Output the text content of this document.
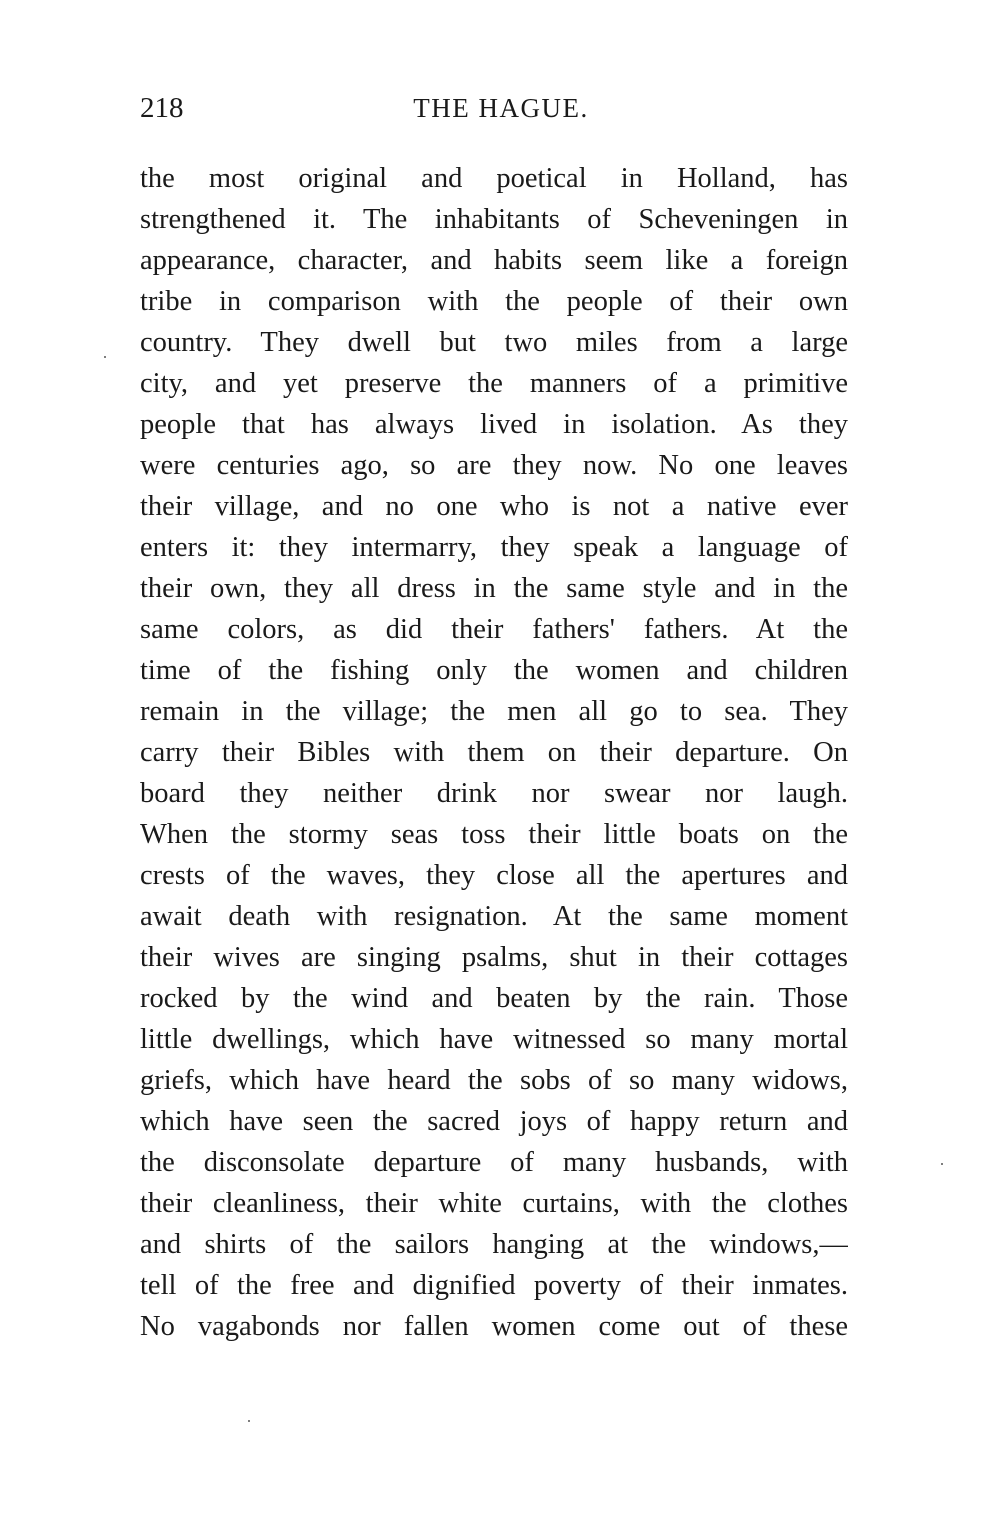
218	THE HAGUE.
the most original and poetical in Holland, has
strengthened it. The inhabitants of Scheveningen in
appearance, character, and habits seem like a foreign
tribe in comparison with the people of their own
country. They dwell but two miles from a large
city, and yet preserve the manners of a primitive
people that has always lived in isolation. As they
were centuries ago, so are they now. No one leaves
their village, and no one who is not a native ever
enters it: they intermarry, they speak a language of
their own, they all dress in the same style and in the
same colors, as did their fathers' fathers. At the
time of the fishing only the women and children
remain in the village; the men all go to sea. They
carry their Bibles with them on their departure. On
board they neither drink nor swear nor laugh.
When the stormy seas toss their little boats on the
crests of the waves, they close all the apertures and
await death with resignation. At the same moment
their wives are singing psalms, shut in their cottages
rocked by the wind and beaten by the rain. Those
little dwellings, which have witnessed so many mortal
griefs, which have heard the sobs of so many widows,
which have seen the sacred joys of happy return and
the disconsolate departure of many husbands, with
their cleanliness, their white curtains, with the clothes
and shirts of the sailors hanging at the windows,—
tell of the free and dignified poverty of their inmates.
No vagabonds nor fallen women come out of these
